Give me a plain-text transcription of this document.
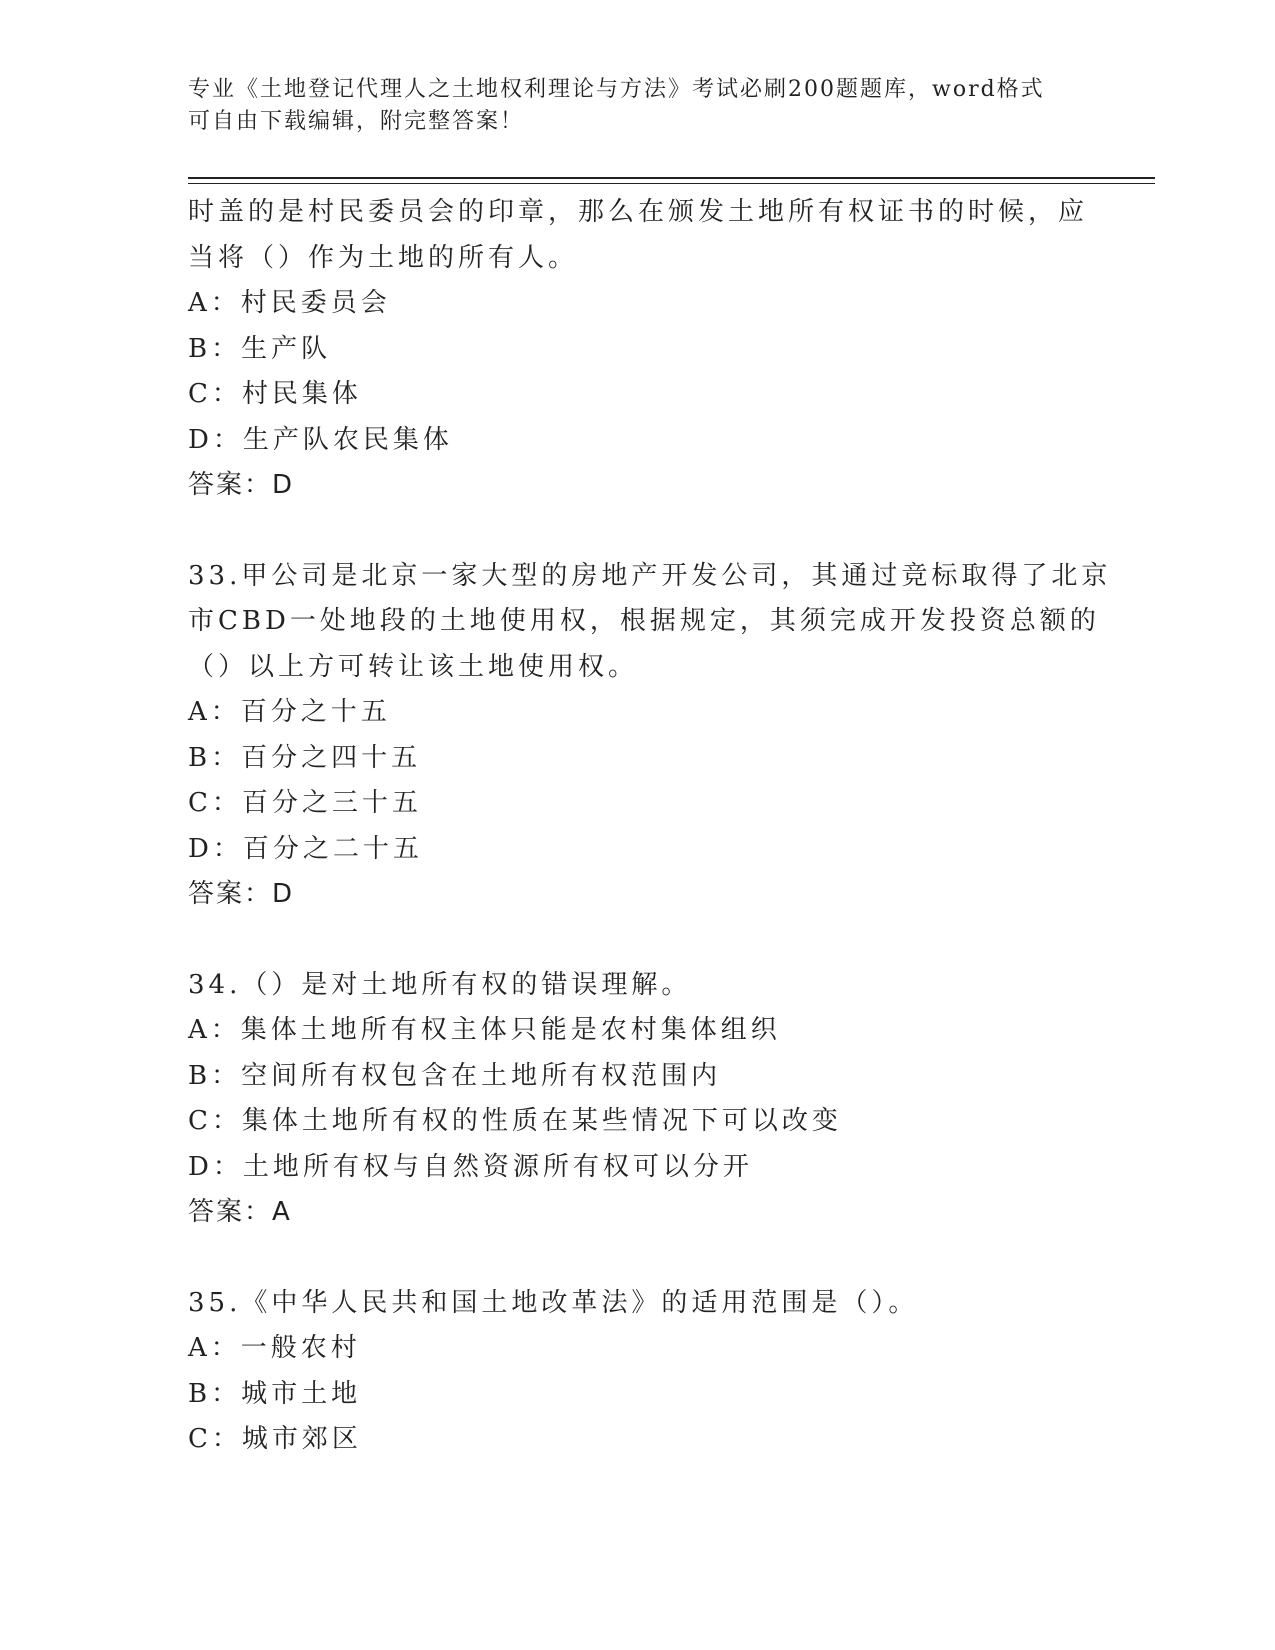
专业《土地登记代理人之土地权利理论与方法》考试必刷200题题库，word格式
可自由下载编辑，附完整答案！
时盖的是村民委员会的印章，那么在颁发土地所有权证书的时候，应
当将（）作为土地的所有人。
A：村民委员会
B：生产队
C：村民集体
D：生产队农民集体
答案：D
33.甲公司是北京一家大型的房地产开发公司，其通过竞标取得了北京
市CBD一处地段的土地使用权，根据规定，其须完成开发投资总额的
（）以上方可转让该土地使用权。
A：百分之十五
B：百分之四十五
C：百分之三十五
D：百分之二十五
答案：D
34.（）是对土地所有权的错误理解。
A：集体土地所有权主体只能是农村集体组织
B：空间所有权包含在土地所有权范围内
C：集体土地所有权的性质在某些情况下可以改变
D：土地所有权与自然资源所有权可以分开
答案：A
35.《中华人民共和国土地改革法》的适用范围是（）。
A：一般农村
B：城市土地
C：城市郊区
